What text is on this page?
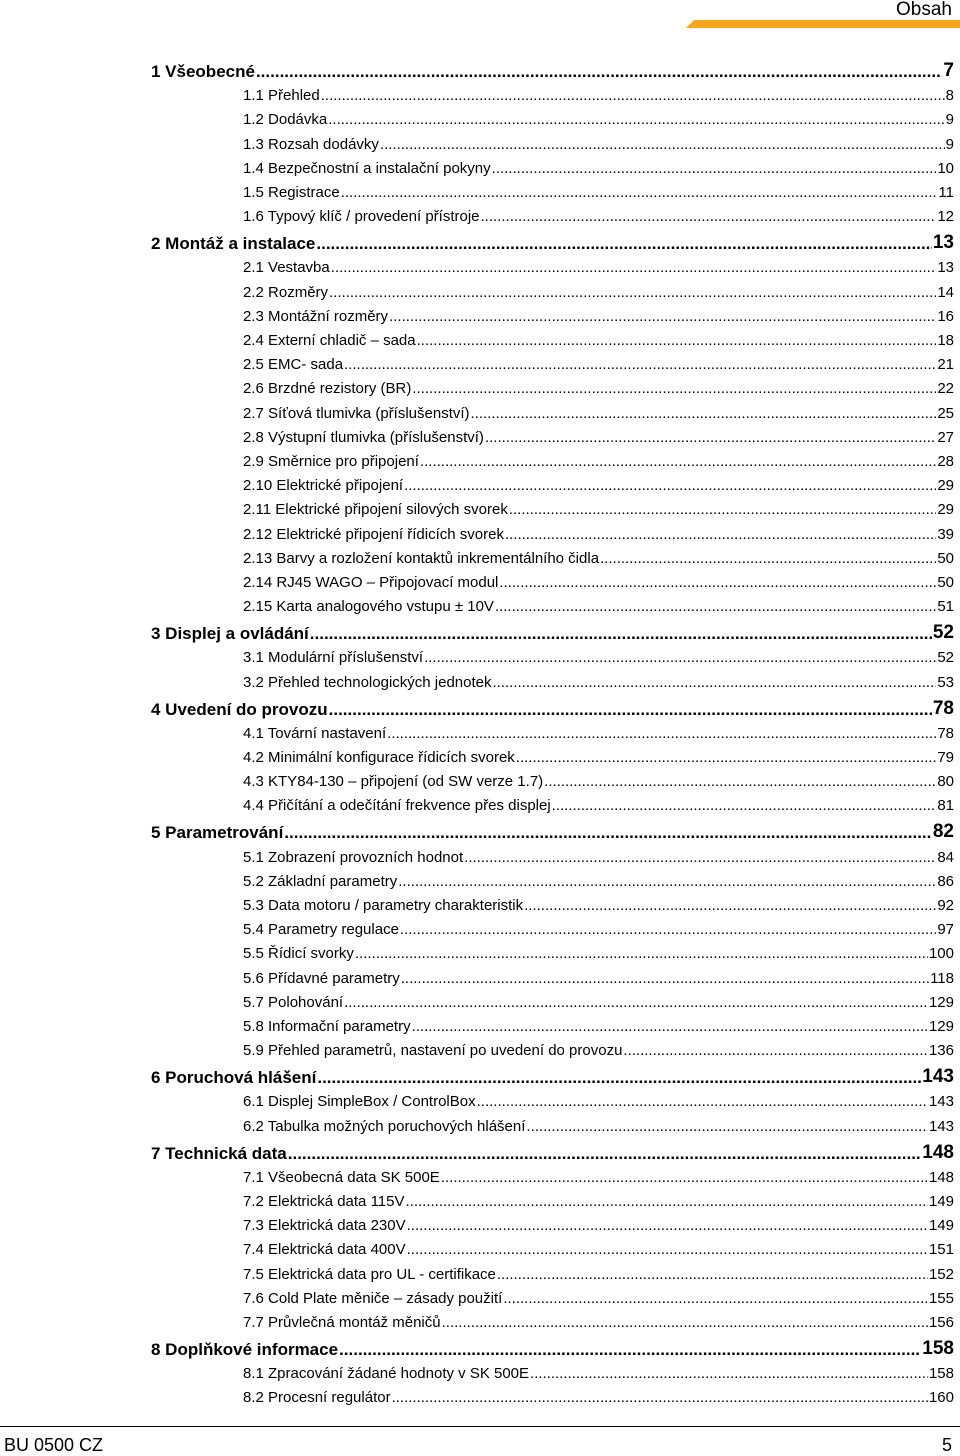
Obsah
1 Všeobecné .....	7
1.1 Přehled .....	8
1.2 Dodávka .....	9
1.3 Rozsah dodávky .....	9
1.4 Bezpečnostní a instalační pokyny .....	10
1.5 Registrace .....	11
1.6 Typový klíč / provedení přístroje .....	12
2 Montáž a instalace .....	13
2.1 Vestavba .....	13
2.2 Rozměry .....	14
2.3 Montážní rozměry .....	16
2.4 Externí chladič – sada .....	18
2.5 EMC- sada .....	21
2.6 Brzdné rezistory (BR) .....	22
2.7 Síťová tlumivka (příslušenství) .....	25
2.8 Výstupní tlumivka (příslušenství) .....	27
2.9 Směrnice pro připojení .....	28
2.10 Elektrické připojení .....	29
2.11 Elektrické připojení silových svorek .....	29
2.12 Elektrické připojení řídicích svorek .....	39
2.13 Barvy a rozložení kontaktů inkrementálního čidla .....	50
2.14 RJ45 WAGO – Připojovací modul .....	50
2.15 Karta analogového vstupu ± 10V .....	51
3 Displej a ovládání .....	52
3.1 Modulární příslušenství .....	52
3.2 Přehled technologických jednotek .....	53
4 Uvedení do provozu .....	78
4.1 Tovární nastavení .....	78
4.2 Minimální konfigurace řídicích svorek .....	79
4.3 KTY84-130 – připojení (od SW verze 1.7) .....	80
4.4 Přičítání a odečítání frekvence přes displej .....	81
5 Parametrování .....	82
5.1 Zobrazení provozních hodnot .....	84
5.2 Základní parametry .....	86
5.3 Data motoru / parametry charakteristik .....	92
5.4 Parametry regulace .....	97
5.5 Řídicí svorky .....	100
5.6 Přídavné parametry .....	118
5.7 Polohování .....	129
5.8 Informační parametry .....	129
5.9 Přehled parametrů, nastavení po uvedení do provozu .....	136
6 Poruchová hlášení .....	143
6.1 Displej SimpleBox / ControlBox .....	143
6.2 Tabulka možných poruchových hlášení .....	143
7 Technická data .....	148
7.1 Všeobecná data SK 500E .....	148
7.2 Elektrická data 115V .....	149
7.3 Elektrická data 230V .....	149
7.4 Elektrická data 400V .....	151
7.5 Elektrická data pro UL - certifikace .....	152
7.6 Cold Plate měniče – zásady použití .....	155
7.7 Průvlečná montáž měničů .....	156
8 Doplňkové informace .....	158
8.1 Zpracování žádané hodnoty v SK 500E .....	158
8.2 Procesní regulátor .....	160
BU 0500 CZ	5
